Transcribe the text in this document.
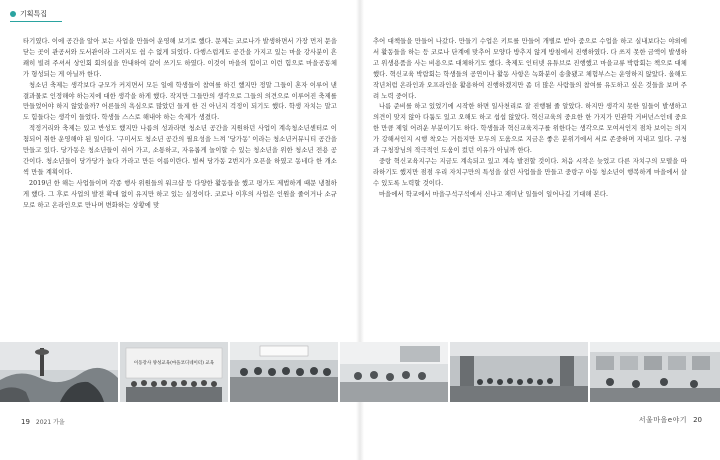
기획특집

타기였다. 이에 공간을 알아 보는 사업을 만들어 운영해 보기로 했다. 문제는 코로나가 발생하면서 가장 먼저 문을 닫는 곳이 관공서와 도서관이라 그러지도 쉽 수 없게 되었다. 다행스럽게도 공간을 가지고 있는 마을 강사분이 흔쾌히 빌려 주셔서 상인회 회의실을 안내하여 같이 쓰기도 하였다. 이것이 마을의 힘이고 이런 힘으로 마을공동체가 형성되는 게 아닐까 한다.

청소년 축제는 생각보다 규모가 커지면서 모든 일에 학생들이 참여를 하긴 했지만 정말 그들이 혼자 이루어 낸 결과물로 인정해야 하는지에 대한 생각을 하게 했다. 작지만 그들만의 생각으로 그들의 의견으로 이루어진 축제를 만들었어야 하지 않았을까? 어른들의 욕심으로 많았던 들게 한 건 아닌지 걱정이 되기도 했다. 학생 자치는 말고도 힘들다는 생각이 들었다. 학생들 스스로 해내야 하는 숙제가 생겼다.

적정거리와 축제는 있고 반성도 했지만 나름의 성과라면 청소년 공간을 지원하던 사업이 계속청소년센터로 이첨되어 취한 운영해야 된 일이다. '구미서도 청소년 공간의 필요성을 느껴 '당가동' 이라는 청소년커뮤니티 공간을 만들고 있다. 당가동은 청소년들이 쉬어 가고, 소통하고, 자유롭게 놀이할 수 있는 청소년을 위한 청소년 전용 공간이다. 청소년들이 당가당가 놀다 가라고 만든 이름이란다. 벌써 당가동 2번지가 오픈을 하였고 동네다 한 개소씩 만들 계획이다.

2019년 한 해는 사업들이며 각종 행사 위원들의 워크샵 등 다양한 활동들을 했고 평가도 제법하게 때문 냉철하게 했다. 그 후로 사업의 발전 확대 없이 유지만 하고 있는 실정이다. 코로나 이후의 사업은 인원을 줄이거나 소규모로 하고 온라인으로 만나며 변화하는 상황에 맞

추어 대책들을 만들어 나갔다. 만들기 수업은 키트를 만들어 개별로 받아 줌으로 수업을 하고 실내보다는 야외에서 활동들을 하는 등 코로나 단계에 맞추어 모양다 방추지 않게 방침에서 진행하였다. 다 쓰지 못한 금액이 발생하고 위생용품을 사는 비용으로 대체하기도 했다. 축제도 인터넷 유튜브로 진행했고 마을교류 박람회는 책으로 대체했다. 혁신교육 박람회는 학생들의 공연이나 활동 사항은 녹화분이 송출됐고 체험부스는 운영하지 않았다. 올해도 작년처럼 온라인과 오프라인을 활용하여 진행하겠지만 좀 더 많은 사람들의 참여를 유도하고 싶은 것들을 보며 주려 노력 중이다.

나름 준비를 하고 있었기에 시작한 하면 일사천리로 잘 진행될 줄 알았다. 하지만 생각지 못한 일들이 발생하고 의견이 맞지 않아 다툼도 있고 오해도 하고 섭섭 않았다. 혁신교육의 중요한 한 가지가 민관학 거버넌스인데 중요한 만큼 제일 어려운 부분이기도 하다. 학생들과 혁신교육지구를 위한다는 생각으로 모여서인지 점차 보이는 의지가 강해서인지 시행 착오는 거듭지만 모두의 도움으로 지금은 좋은 분위기에서 서로 존중하며 지내고 있다. 구청과 구청장님의 적극적인 도움이 컸던 이유가 아닐까 한다.

중랑 혁신교육지구는 지금도 계속되고 있고 계속 발전할 것이다. 처음 시작은 늦었고 다른 자치구의 모델을 따라하기도 했지만 점점 우리 자치구만의 특성을 살린 사업들을 만들고 중랑구 아동 청소년이 행복하게 마을에서 살 수 있도록 노력할 것이다.

마을에서 학교에서 마을구석구석에서 신나고 재미난 일들이 일어나길 기대해 본다.

이동강사 양성교육(마을코디네이터) 교육
19 2021 가을	서울마을e야기 20
